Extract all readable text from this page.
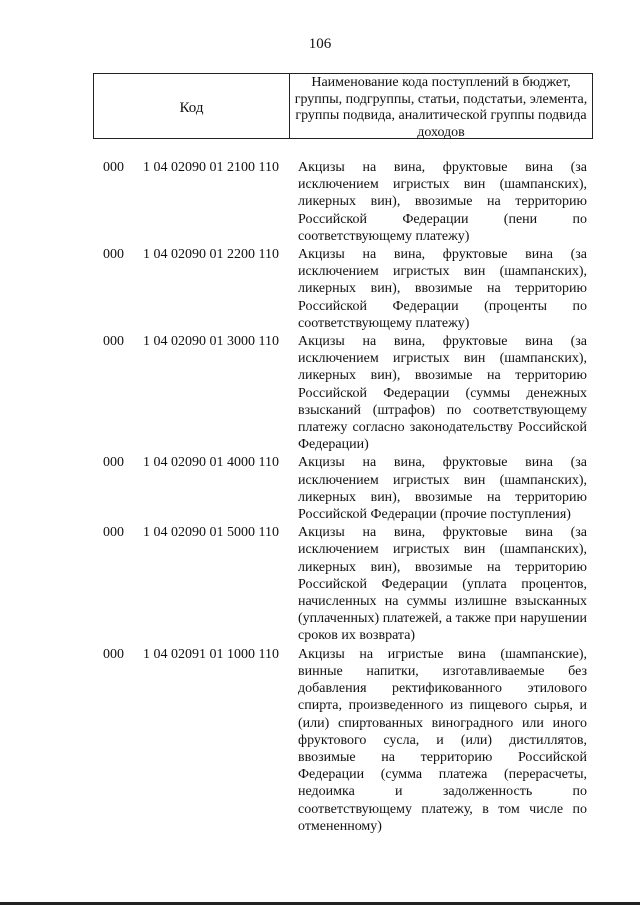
106
Код
Наименование кода поступлений в бюджет, группы, подгруппы, статьи, подстатьи, элемента, группы подвида, аналитической группы подвида доходов
000 1 04 02090 01 2100 110 Акцизы на вина, фруктовые вина (за исключением игристых вин (шампанских), ликерных вин), ввозимые на территорию Российской Федерации (пени по соответствующему платежу)
000 1 04 02090 01 2200 110 Акцизы на вина, фруктовые вина (за исключением игристых вин (шампанских), ликерных вин), ввозимые на территорию Российской Федерации (проценты по соответствующему платежу)
000 1 04 02090 01 3000 110 Акцизы на вина, фруктовые вина (за исключением игристых вин (шампанских), ликерных вин), ввозимые на территорию Российской Федерации (суммы денежных взысканий (штрафов) по соответствующему платежу согласно законодательству Российской Федерации)
000 1 04 02090 01 4000 110 Акцизы на вина, фруктовые вина (за исключением игристых вин (шампанских), ликерных вин), ввозимые на территорию Российской Федерации (прочие поступления)
000 1 04 02090 01 5000 110 Акцизы на вина, фруктовые вина (за исключением игристых вин (шампанских), ликерных вин), ввозимые на территорию Российской Федерации (уплата процентов, начисленных на суммы излишне взысканных (уплаченных) платежей, а также при нарушении сроков их возврата)
000 1 04 02091 01 1000 110 Акцизы на игристые вина (шампанские), винные напитки, изготавливаемые без добавления ректификованного этилового спирта, произведенного из пищевого сырья, и (или) спиртованных виноградного или иного фруктового сусла, и (или) дистиллятов, ввозимые на территорию Российской Федерации (сумма платежа (перерасчеты, недоимка и задолженность по соответствующему платежу, в том числе по отмененному)
